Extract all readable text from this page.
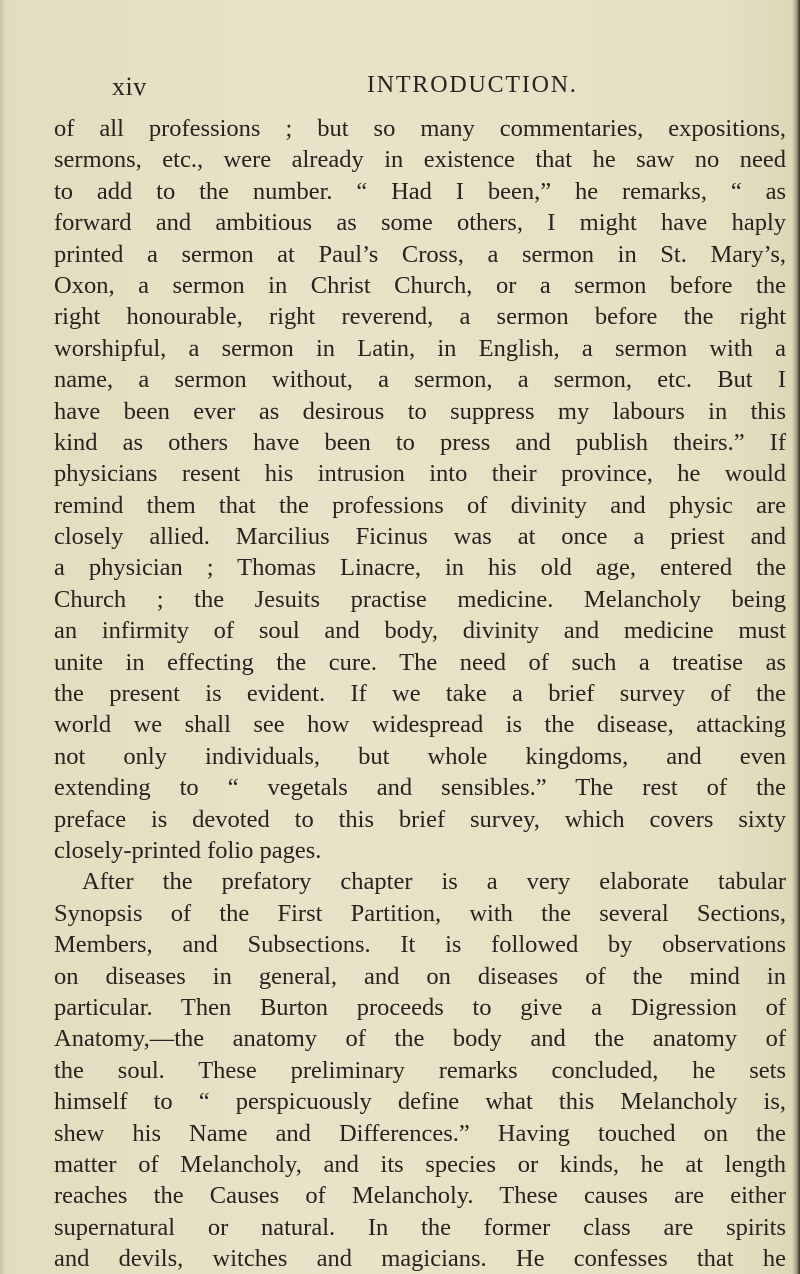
xiv	INTRODUCTION.
of all professions ; but so many commentaries, expositions,
sermons, etc., were already in existence that he saw no need
to add to the number. “ Had I been,” he remarks, “ as
forward and ambitious as some others, I might have haply
printed a sermon at Paul’s Cross, a sermon in St. Mary’s,
Oxon, a sermon in Christ Church, or a sermon before the
right honourable, right reverend, a sermon before the right
worshipful, a sermon in Latin, in English, a sermon with a
name, a sermon without, a sermon, a sermon, etc. But I
have been ever as desirous to suppress my labours in this
kind as others have been to press and publish theirs.” If
physicians resent his intrusion into their province, he would
remind them that the professions of divinity and physic are
closely allied. Marcilius Ficinus was at once a priest and
a physician ; Thomas Linacre, in his old age, entered the
Church ; the Jesuits practise medicine. Melancholy being
an infirmity of soul and body, divinity and medicine must
unite in effecting the cure. The need of such a treatise as
the present is evident. If we take a brief survey of the
world we shall see how widespread is the disease, attacking
not only individuals, but whole kingdoms, and even
extending to “ vegetals and sensibles.” The rest of the
preface is devoted to this brief survey, which covers sixty
closely-printed folio pages.
After the prefatory chapter is a very elaborate tabular
Synopsis of the First Partition, with the several Sections,
Members, and Subsections. It is followed by observations
on diseases in general, and on diseases of the mind in
particular. Then Burton proceeds to give a Digression of
Anatomy,—the anatomy of the body and the anatomy of
the soul. These preliminary remarks concluded, he sets
himself to “ perspicuously define what this Melancholy is,
shew his Name and Differences.” Having touched on the
matter of Melancholy, and its species or kinds, he at length
reaches the Causes of Melancholy. These causes are either
supernatural or natural. In the former class are spirits
and devils, witches and magicians. He confesses that he
